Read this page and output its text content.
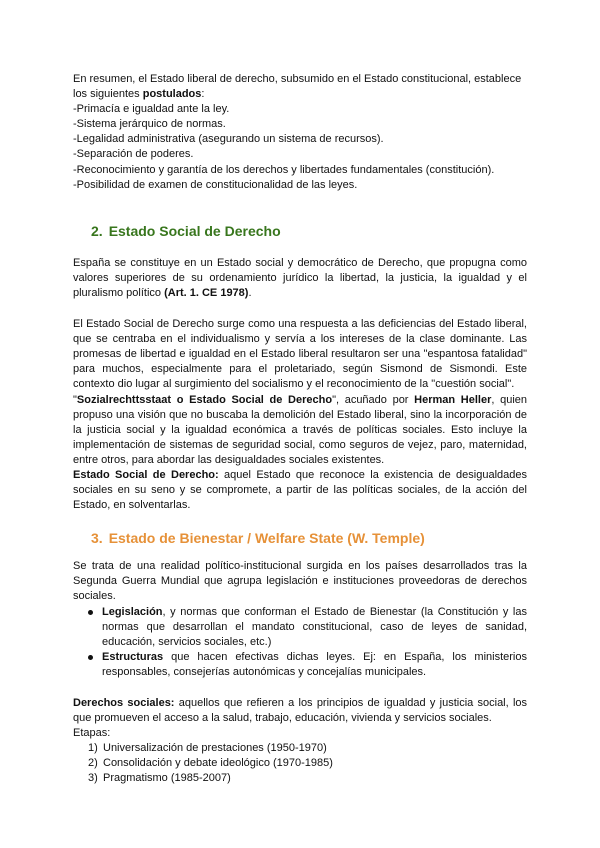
En resumen, el Estado liberal de derecho, subsumido en el Estado constitucional, establece

los siguientes postulados:

-Primacía e igualdad ante la ley.

-Sistema jerárquico de normas.

-Legalidad administrativa (asegurando un sistema de recursos).

-Separación de poderes.

-Reconocimiento y garantía de los derechos y libertades fundamentales (constitución).

-Posibilidad de examen de constitucionalidad de las leyes.

2. Estado Social de Derecho

España se constituye en un Estado social y democrático de Derecho, que propugna como valores superiores de su ordenamiento jurídico la libertad, la justicia, la igualdad y el pluralismo político (Art. 1. CE 1978).

El Estado Social de Derecho surge como una respuesta a las deficiencias del Estado liberal, que se centraba en el individualismo y servía a los intereses de la clase dominante. Las promesas de libertad e igualdad en el Estado liberal resultaron ser una "espantosa fatalidad" para muchos, especialmente para el proletariado, según Sismond de Sismondi. Este contexto dio lugar al surgimiento del socialismo y el reconocimiento de la "cuestión social".

"Sozialrechttsstaat o Estado Social de Derecho", acuñado por Herman Heller, quien propuso una visión que no buscaba la demolición del Estado liberal, sino la incorporación de la justicia social y la igualdad económica a través de políticas sociales. Esto incluye la implementación de sistemas de seguridad social, como seguros de vejez, paro, maternidad, entre otros, para abordar las desigualdades sociales existentes.

Estado Social de Derecho: aquel Estado que reconoce la existencia de desigualdades sociales en su seno y se compromete, a partir de las políticas sociales, de la acción del Estado, en solventarlas.

3. Estado de Bienestar / Welfare State (W. Temple)

Se trata de una realidad político-institucional surgida en los países desarrollados tras la Segunda Guerra Mundial que agrupa legislación e instituciones proveedoras de derechos sociales.

Legislación, y normas que conforman el Estado de Bienestar (la Constitución y las normas que desarrollan el mandato constitucional, caso de leyes de sanidad, educación, servicios sociales, etc.)
Estructuras que hacen efectivas dichas leyes. Ej: en España, los ministerios responsables, consejerías autonómicas y concejalías municipales.

Derechos sociales: aquellos que refieren a los principios de igualdad y justicia social, los que promueven el acceso a la salud, trabajo, educación, vivienda y servicios sociales.

Etapas:

1) Universalización de prestaciones (1950-1970)
2) Consolidación y debate ideológico (1970-1985)
3) Pragmatismo (1985-2007)
